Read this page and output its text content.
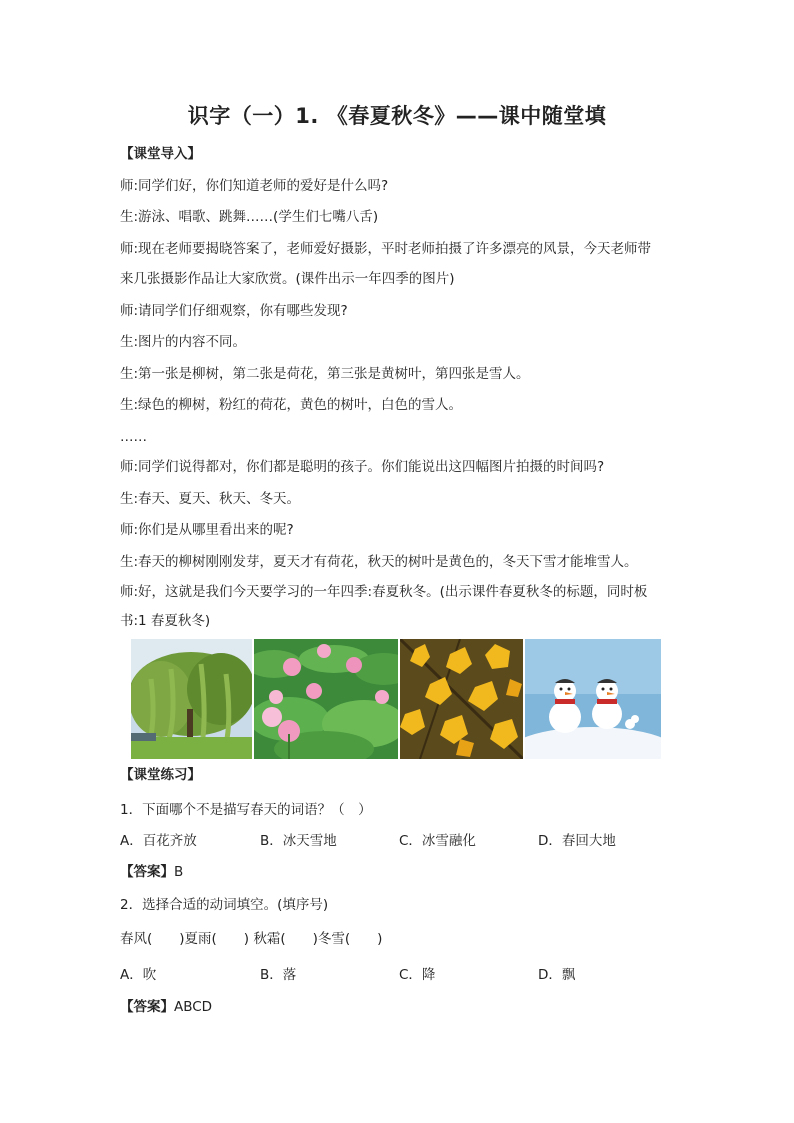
识字（一）1. 《春夏秋冬》——课中随堂填
【课堂导入】
师:同学们好，你们知道老师的爱好是什么吗?
生:游泳、唱歌、跳舞……(学生们七嘴八舌)
师:现在老师要揭晓答案了，老师爱好摄影，平时老师拍摄了许多漂亮的风景，今天老师带
来几张摄影作品让大家欣赏。(课件出示一年四季的图片)
师:请同学们仔细观察，你有哪些发现?
生:图片的内容不同。
生:第一张是柳树，第二张是荷花，第三张是黄树叶，第四张是雪人。
生:绿色的柳树，粉红的荷花，黄色的树叶，白色的雪人。
……
师:同学们说得都对，你们都是聪明的孩子。你们能说出这四幅图片拍摄的时间吗?
生:春天、夏天、秋天、冬天。
师:你们是从哪里看出来的呢?
生:春天的柳树刚刚发芽，夏天才有荷花，秋天的树叶是黄色的，冬天下雪才能堆雪人。
师:好，这就是我们今天要学习的一年四季:春夏秋冬。(出示课件春夏秋冬的标题，同时板
书:1 春夏秋冬)
【课堂练习】
1．下面哪个不是描写春天的词语？（　）
A．百花齐放	B．冰天雪地	C．冰雪融化	D．春回大地
【答案】B
2．选择合适的动词填空。(填序号)
春风(　　)夏雨(　　) 秋霜(　　)冬雪(　　)
A．吹	B．落	C．降	D．飘
【答案】ABCD
